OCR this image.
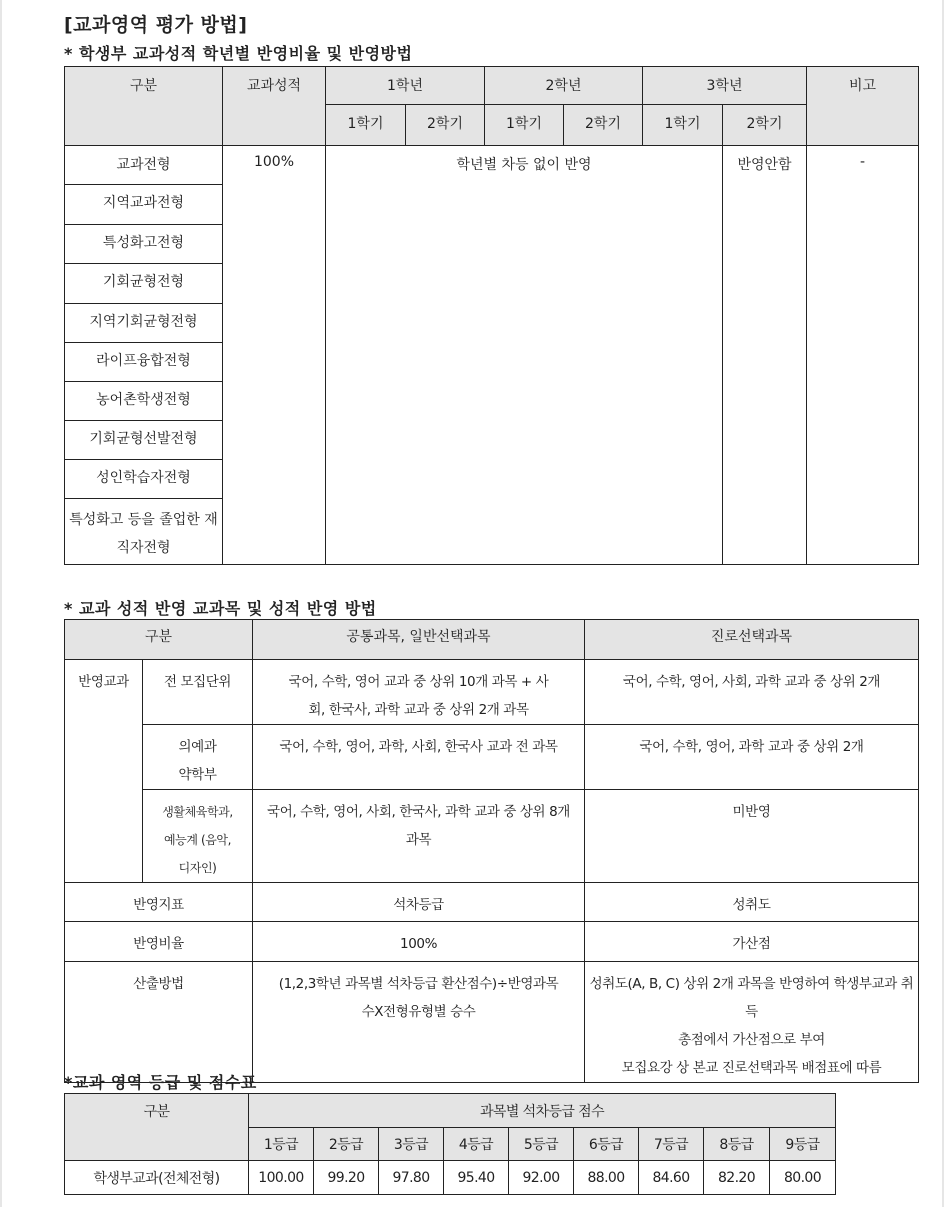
[교과영역 평가 방법]
* 학생부 교과성적 학년별 반영비율 및 반영방법
구분	교과성적	1학년		2학년		3학년		비고
		1학기	2학기	1학기	2학기	1학기	2학기	
교과전형	100%	학년별 차등 없이 반영					반영안함	-
지역교과전형								
특성화고전형								
기회균형전형								
지역기회균형전형								
라이프융합전형								
농어촌학생전형								
기회균형선발전형								
성인학습자전형								
특성화고 등을 졸업한 재직자전형								
* 교과 성적 반영 교과목 및 성적 반영 방법
구분		공통과목, 일반선택과목	진로선택과목
반영교과	전 모집단위	국어, 수학, 영어 교과 중 상위 10개 과목 + 사회, 한국사, 과학 교과 중 상위 2개 과목	국어, 수학, 영어, 사회, 과학 교과 중 상위 2개
	의예과 약학부	국어, 수학, 영어, 과학, 사회, 한국사 교과 전 과목	국어, 수학, 영어, 과학 교과 중 상위 2개
	생활체육학과, 예능계 (음악, 디자인)	국어, 수학, 영어, 사회, 한국사, 과학 교과 중 상위 8개 과목	미반영
반영지표		석차등급	성취도
반영비율		100%	가산점
산출방법		(1,2,3학년 과목별 석차등급 환산점수)÷반영과목 수X전형유형별 승수	성취도(A, B, C) 상위 2개 과목을 반영하여 학생부교과 취득
총점에서 가산점으로 부여
모집요강 상 본교 진로선택과목 배점표에 따름
*교과 영역 등급 및 점수표
구분	과목별 석차등급 점수								
	1등급	2등급	3등급	4등급	5등급	6등급	7등급	8등급	9등급
학생부교과(전체전형)	100.00	99.20	97.80	95.40	92.00	88.00	84.60	82.20	80.00
